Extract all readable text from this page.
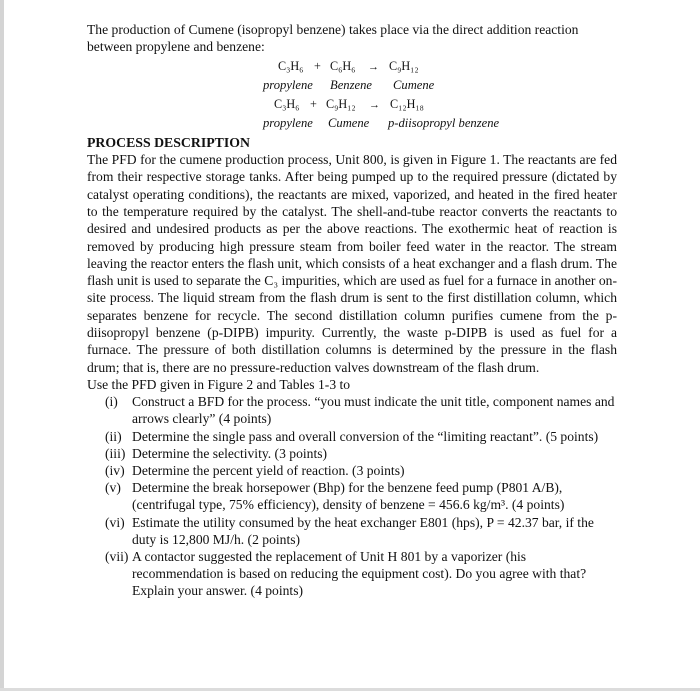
The production of Cumene (isopropyl benzene) takes place via the direct addition reaction between propylene and benzene:

C₃H₆ + C₆H₆ → C₉H₁₂
propylene Benzene Cumene
C₃H₆ + C₉H₁₂ → C₁₂H₁₈
propylene Cumene p-diisopropyl benzene

PROCESS DESCRIPTION

The PFD for the cumene production process, Unit 800, is given in Figure 1. The reactants are fed from their respective storage tanks. After being pumped up to the required pressure (dictated by catalyst operating conditions), the reactants are mixed, vaporized, and heated in the fired heater to the temperature required by the catalyst. The shell-and-tube reactor converts the reactants to desired and undesired products as per the above reactions. The exothermic heat of reaction is removed by producing high pressure steam from boiler feed water in the reactor. The stream leaving the reactor enters the flash unit, which consists of a heat exchanger and a flash drum. The flash unit is used to separate the C₃ impurities, which are used as fuel for a furnace in another on-site process. The liquid stream from the flash drum is sent to the first distillation column, which separates benzene for recycle. The second distillation column purifies cumene from the p-diisopropyl benzene (p-DIPB) impurity. Currently, the waste p-DIPB is used as fuel for a furnace. The pressure of both distillation columns is determined by the pressure in the flash drum; that is, there are no pressure-reduction valves downstream of the flash drum.

Use the PFD given in Figure 2 and Tables 1-3 to

(i)	Construct a BFD for the process. “you must indicate the unit title, component names and arrows clearly” (4 points)
(ii) Determine the single pass and overall conversion of the “limiting reactant”. (5 points)
(iii) Determine the selectivity. (3 points)
(iv) Determine the percent yield of reaction. (3 points)
(v) Determine the break horsepower (Bhp) for the benzene feed pump (P801 A/B), (centrifugal type, 75% efficiency), density of benzene = 456.6 kg/m³. (4 points)
(vi) Estimate the utility consumed by the heat exchanger E801 (hps), P = 42.37 bar, if the duty is 12,800 MJ/h. (2 points)
(vii) A contactor suggested the replacement of Unit H 801 by a vaporizer (his recommendation is based on reducing the equipment cost). Do you agree with that? Explain your answer. (4 points)
